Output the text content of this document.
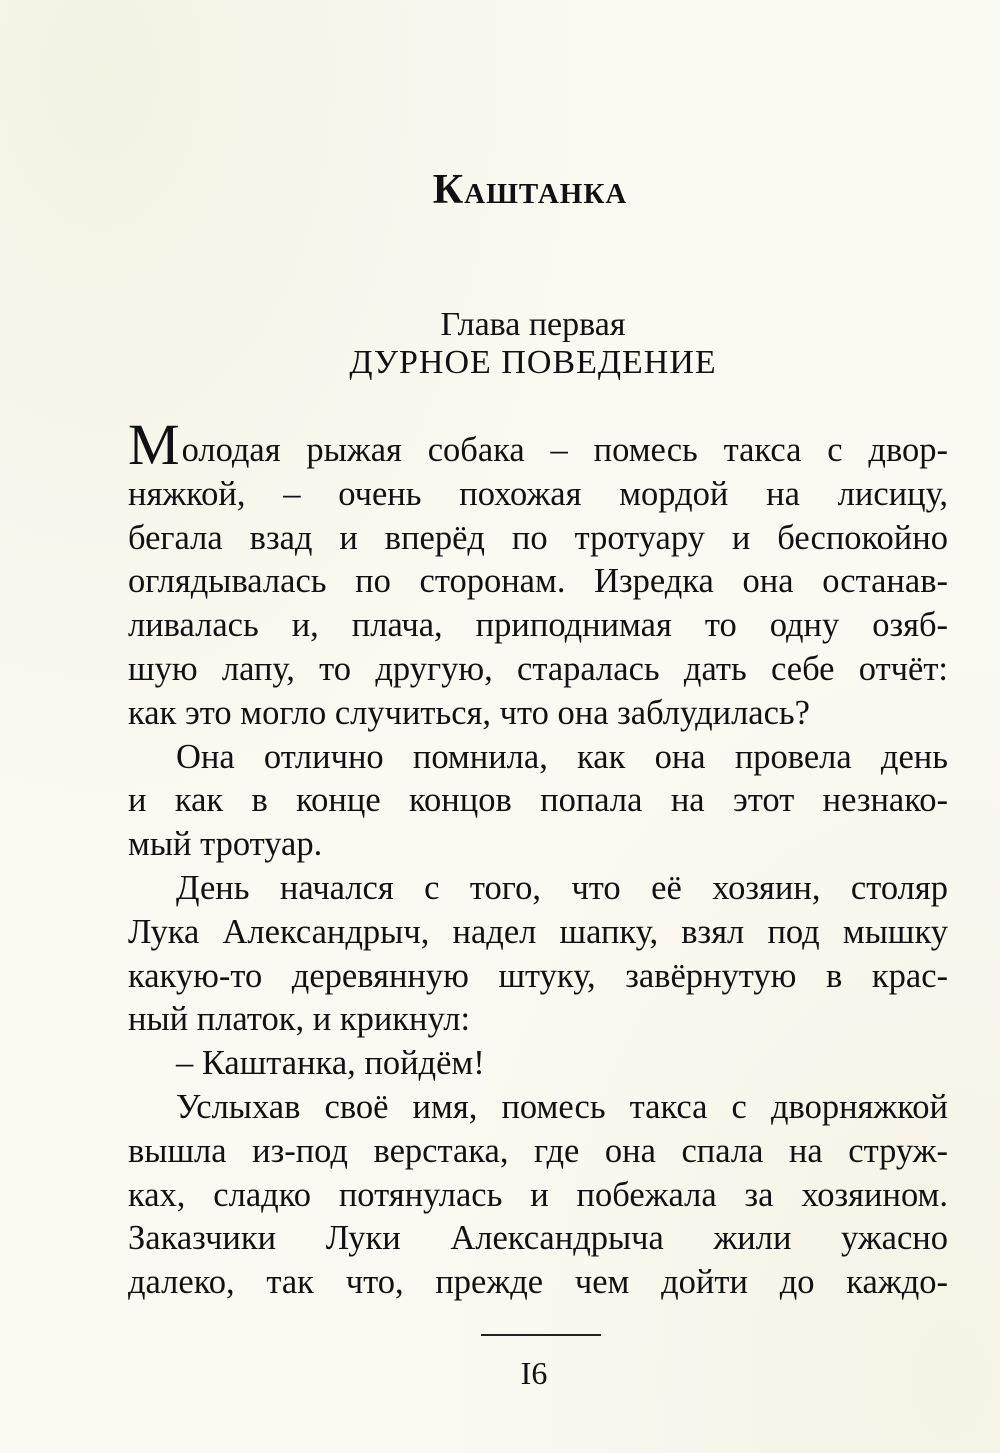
Каштанка
Глава первая
ДУРНОЕ ПОВЕДЕНИЕ
Молодая рыжая собака – помесь такса с двор-
няжкой, – очень похожая мордой на лисицу,
бегала взад и вперёд по тротуару и беспокойно
оглядывалась по сторонам. Изредка она останав-
ливалась и, плача, приподнимая то одну озяб-
шую лапу, то другую, старалась дать себе отчёт:
как это могло случиться, что она заблудилась?
Она отлично помнила, как она провела день
и как в конце концов попала на этот незнако-
мый тротуар.
День начался с того, что её хозяин, столяр
Лука Александрыч, надел шапку, взял под мышку
какую-то деревянную штуку, завёрнутую в крас-
ный платок, и крикнул:
– Каштанка, пойдём!
Услыхав своё имя, помесь такса с дворняжкой
вышла из-под верстака, где она спала на струж-
ках, сладко потянулась и побежала за хозяином.
Заказчики Луки Александрыча жили ужасно
далеко, так что, прежде чем дойти до каждо-
I6
